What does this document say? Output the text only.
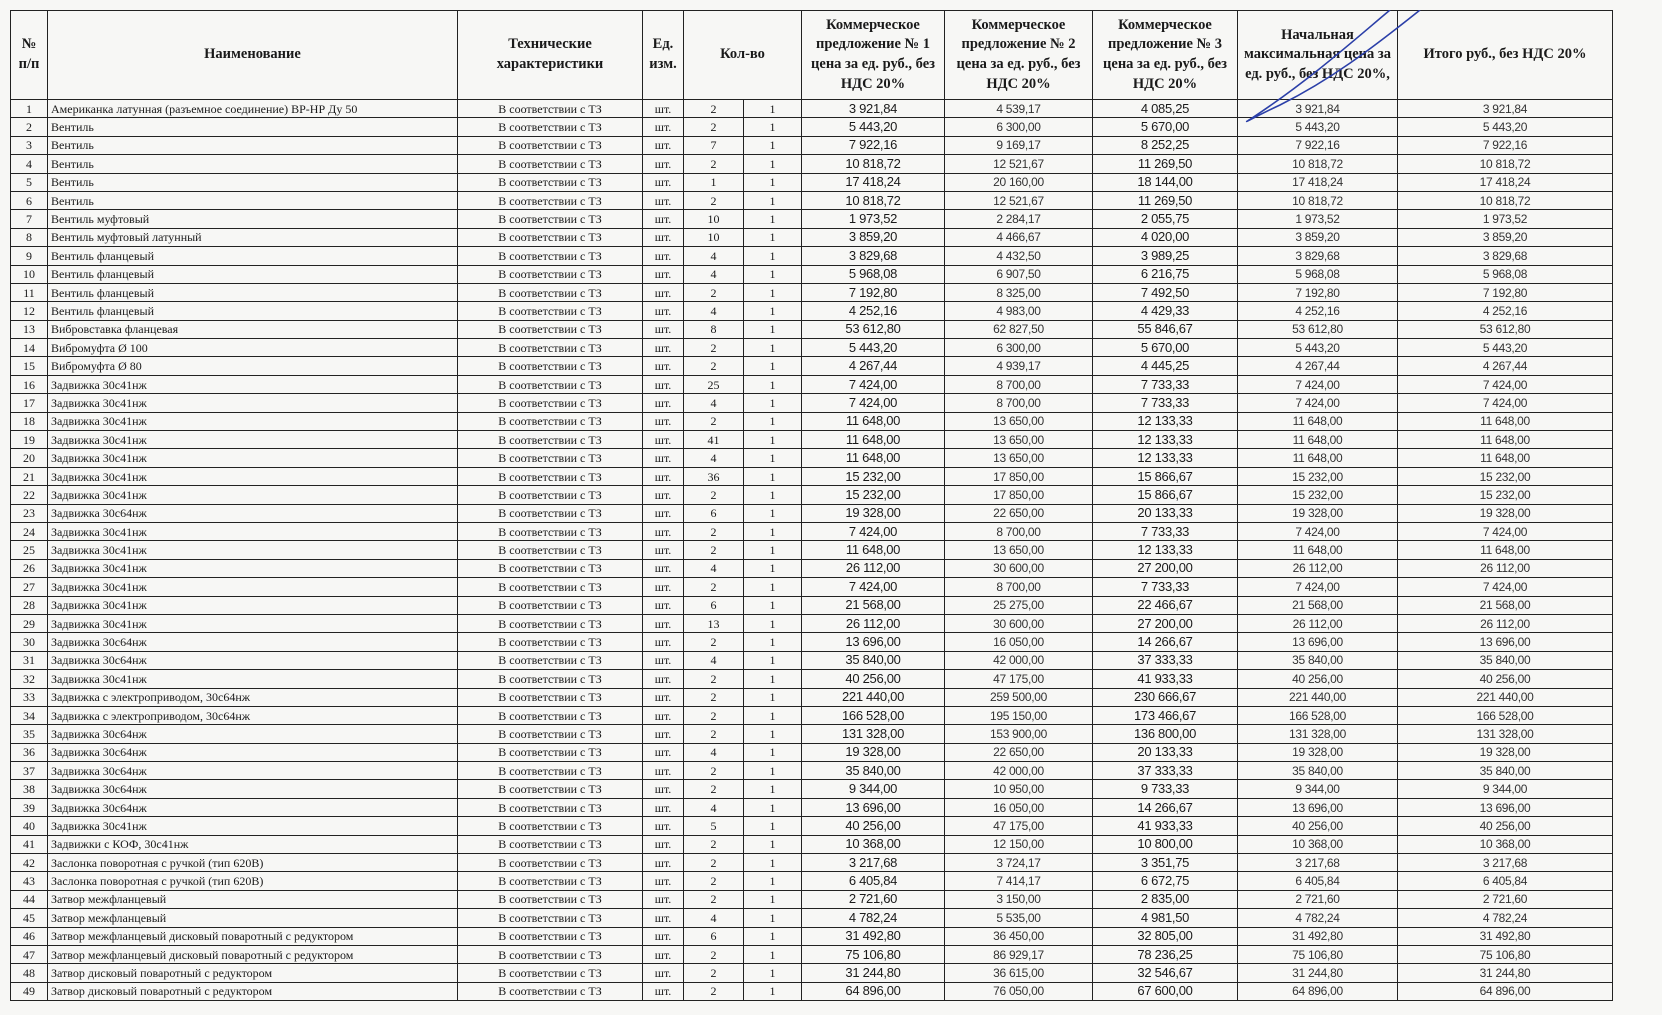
№ п/п	Наименование	Технические характеристики	Ед. изм.	Кол-во		Коммерческое предложение № 1 цена за ед. руб., без НДС 20%	Коммерческое предложение № 2 цена за ед. руб., без НДС 20%	Коммерческое предложение № 3 цена за ед. руб., без НДС 20%	Начальная максимальная цена за ед. руб., без НДС 20%,	Итого руб., без НДС 20%
1	Американка латунная (разъемное соединение) ВР-НР Ду 50	В соответствии с ТЗ	шт.	2	1	3 921,84	4 539,17	4 085,25	3 921,84	3 921,84
2	Вентиль	В соответствии с ТЗ	шт.	2	1	5 443,20	6 300,00	5 670,00	5 443,20	5 443,20
3	Вентиль	В соответствии с ТЗ	шт.	7	1	7 922,16	9 169,17	8 252,25	7 922,16	7 922,16
4	Вентиль	В соответствии с ТЗ	шт.	2	1	10 818,72	12 521,67	11 269,50	10 818,72	10 818,72
5	Вентиль	В соответствии с ТЗ	шт.	1	1	17 418,24	20 160,00	18 144,00	17 418,24	17 418,24
6	Вентиль	В соответствии с ТЗ	шт.	2	1	10 818,72	12 521,67	11 269,50	10 818,72	10 818,72
7	Вентиль муфтовый	В соответствии с ТЗ	шт.	10	1	1 973,52	2 284,17	2 055,75	1 973,52	1 973,52
8	Вентиль муфтовый латунный	В соответствии с ТЗ	шт.	10	1	3 859,20	4 466,67	4 020,00	3 859,20	3 859,20
9	Вентиль фланцевый	В соответствии с ТЗ	шт.	4	1	3 829,68	4 432,50	3 989,25	3 829,68	3 829,68
10	Вентиль фланцевый	В соответствии с ТЗ	шт.	4	1	5 968,08	6 907,50	6 216,75	5 968,08	5 968,08
11	Вентиль фланцевый	В соответствии с ТЗ	шт.	2	1	7 192,80	8 325,00	7 492,50	7 192,80	7 192,80
12	Вентиль фланцевый	В соответствии с ТЗ	шт.	4	1	4 252,16	4 983,00	4 429,33	4 252,16	4 252,16
13	Вибровставка фланцевая	В соответствии с ТЗ	шт.	8	1	53 612,80	62 827,50	55 846,67	53 612,80	53 612,80
14	Вибромуфта Ø 100	В соответствии с ТЗ	шт.	2	1	5 443,20	6 300,00	5 670,00	5 443,20	5 443,20
15	Вибромуфта Ø 80	В соответствии с ТЗ	шт.	2	1	4 267,44	4 939,17	4 445,25	4 267,44	4 267,44
16	Задвижка 30с41нж	В соответствии с ТЗ	шт.	25	1	7 424,00	8 700,00	7 733,33	7 424,00	7 424,00
17	Задвижка 30с41нж	В соответствии с ТЗ	шт.	4	1	7 424,00	8 700,00	7 733,33	7 424,00	7 424,00
18	Задвижка 30с41нж	В соответствии с ТЗ	шт.	2	1	11 648,00	13 650,00	12 133,33	11 648,00	11 648,00
19	Задвижка 30с41нж	В соответствии с ТЗ	шт.	41	1	11 648,00	13 650,00	12 133,33	11 648,00	11 648,00
20	Задвижка 30с41нж	В соответствии с ТЗ	шт.	4	1	11 648,00	13 650,00	12 133,33	11 648,00	11 648,00
21	Задвижка 30с41нж	В соответствии с ТЗ	шт.	36	1	15 232,00	17 850,00	15 866,67	15 232,00	15 232,00
22	Задвижка 30с41нж	В соответствии с ТЗ	шт.	2	1	15 232,00	17 850,00	15 866,67	15 232,00	15 232,00
23	Задвижка 30с64нж	В соответствии с ТЗ	шт.	6	1	19 328,00	22 650,00	20 133,33	19 328,00	19 328,00
24	Задвижка 30с41нж	В соответствии с ТЗ	шт.	2	1	7 424,00	8 700,00	7 733,33	7 424,00	7 424,00
25	Задвижка 30с41нж	В соответствии с ТЗ	шт.	2	1	11 648,00	13 650,00	12 133,33	11 648,00	11 648,00
26	Задвижка 30с41нж	В соответствии с ТЗ	шт.	4	1	26 112,00	30 600,00	27 200,00	26 112,00	26 112,00
27	Задвижка 30с41нж	В соответствии с ТЗ	шт.	2	1	7 424,00	8 700,00	7 733,33	7 424,00	7 424,00
28	Задвижка 30с41нж	В соответствии с ТЗ	шт.	6	1	21 568,00	25 275,00	22 466,67	21 568,00	21 568,00
29	Задвижка 30с41нж	В соответствии с ТЗ	шт.	13	1	26 112,00	30 600,00	27 200,00	26 112,00	26 112,00
30	Задвижка 30с64нж	В соответствии с ТЗ	шт.	2	1	13 696,00	16 050,00	14 266,67	13 696,00	13 696,00
31	Задвижка 30с64нж	В соответствии с ТЗ	шт.	4	1	35 840,00	42 000,00	37 333,33	35 840,00	35 840,00
32	Задвижка 30с41нж	В соответствии с ТЗ	шт.	2	1	40 256,00	47 175,00	41 933,33	40 256,00	40 256,00
33	Задвижка с электроприводом, 30с64нж	В соответствии с ТЗ	шт.	2	1	221 440,00	259 500,00	230 666,67	221 440,00	221 440,00
34	Задвижка с электроприводом, 30с64нж	В соответствии с ТЗ	шт.	2	1	166 528,00	195 150,00	173 466,67	166 528,00	166 528,00
35	Задвижка 30с64нж	В соответствии с ТЗ	шт.	2	1	131 328,00	153 900,00	136 800,00	131 328,00	131 328,00
36	Задвижка 30с64нж	В соответствии с ТЗ	шт.	4	1	19 328,00	22 650,00	20 133,33	19 328,00	19 328,00
37	Задвижка 30с64нж	В соответствии с ТЗ	шт.	2	1	35 840,00	42 000,00	37 333,33	35 840,00	35 840,00
38	Задвижка 30с64нж	В соответствии с ТЗ	шт.	2	1	9 344,00	10 950,00	9 733,33	9 344,00	9 344,00
39	Задвижка 30с64нж	В соответствии с ТЗ	шт.	4	1	13 696,00	16 050,00	14 266,67	13 696,00	13 696,00
40	Задвижка 30с41нж	В соответствии с ТЗ	шт.	5	1	40 256,00	47 175,00	41 933,33	40 256,00	40 256,00
41	Задвижки с КОФ, 30с41нж	В соответствии с ТЗ	шт.	2	1	10 368,00	12 150,00	10 800,00	10 368,00	10 368,00
42	Заслонка поворотная с ручкой (тип 620В)	В соответствии с ТЗ	шт.	2	1	3 217,68	3 724,17	3 351,75	3 217,68	3 217,68
43	Заслонка поворотная с ручкой (тип 620В)	В соответствии с ТЗ	шт.	2	1	6 405,84	7 414,17	6 672,75	6 405,84	6 405,84
44	Затвор межфланцевый	В соответствии с ТЗ	шт.	2	1	2 721,60	3 150,00	2 835,00	2 721,60	2 721,60
45	Затвор межфланцевый	В соответствии с ТЗ	шт.	4	1	4 782,24	5 535,00	4 981,50	4 782,24	4 782,24
46	Затвор межфланцевый дисковый поваротный с редуктором	В соответствии с ТЗ	шт.	6	1	31 492,80	36 450,00	32 805,00	31 492,80	31 492,80
47	Затвор межфланцевый дисковый поваротный с редуктором	В соответствии с ТЗ	шт.	2	1	75 106,80	86 929,17	78 236,25	75 106,80	75 106,80
48	Затвор дисковый поваротный с редуктором	В соответствии с ТЗ	шт.	2	1	31 244,80	36 615,00	32 546,67	31 244,80	31 244,80
49	Затвор дисковый поваротный с редуктором	В соответствии с ТЗ	шт.	2	1	64 896,00	76 050,00	67 600,00	64 896,00	64 896,00
